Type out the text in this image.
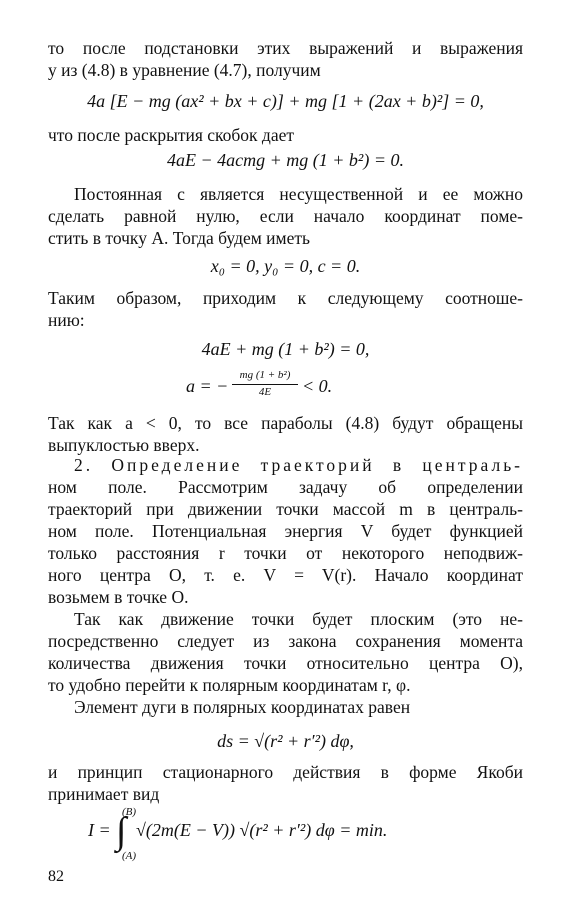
то после подстановки этих выражений и выражения
y из (4.8) в уравнение (4.7), получим
4a [E − mg (ax² + bx + c)] + mg [1 + (2ax + b)²] = 0,
что после раскрытия скобок дает
4aE − 4acmg + mg (1 + b²) = 0.
Постоянная c является несущественной и ее можно
сделать равной нулю, если начало координат поме-
стить в точку A. Тогда будем иметь
x₀ = 0, y₀ = 0, c = 0.
Таким образом, приходим к следующему соотноше-
нию:
4aE + mg (1 + b²) = 0,
a = −
mg (1 + b²)
4E	< 0.
Так как a < 0, то все параболы (4.8) будут обращены
выпуклостью вверх.
2. Определение траекторий в централь-
ном поле. Рассмотрим задачу об определении
траекторий при движении точки массой m в централь-
ном поле. Потенциальная энергия V будет функцией
только расстояния r точки от некоторого неподвиж-
ного центра O, т. е. V = V(r). Начало координат
возьмем в точке O.
Так как движение точки будет плоским (это не-
посредственно следует из закона сохранения момента
количества движения точки относительно центра O),
то удобно перейти к полярным координатам r, φ.
Элемент дуги в полярных координатах равен
ds = √(r² + r′²) dφ,
и принцип стационарного действия в форме Якоби
принимает вид
I =
(B)
∫
(A)
√(2m(E − V)) √(r² + r′²) dφ = min.
82
